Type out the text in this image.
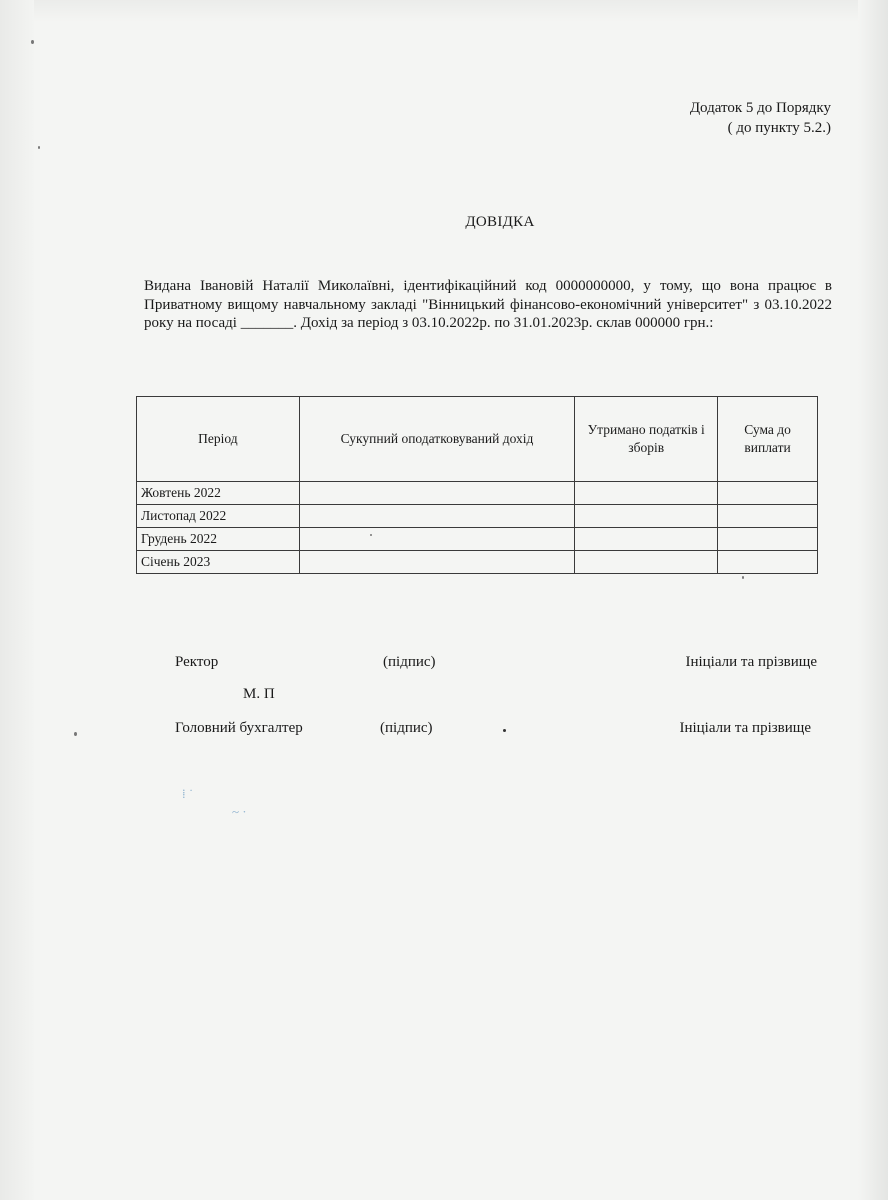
⁞ ˙
~ ·
Додаток 5 до Порядку
( до пункту 5.2.)
ДОВІДКА
Видана Івановій Наталії Миколаївні, ідентифікаційний код 0000000000, у тому, що вона працює в Приватному вищому навчальному закладі "Вінницький фінансово-економічний університет" з 03.10.2022 року на посаді _______. Дохід за період з 03.10.2022р. по 31.01.2023р. склав 000000 грн.:
Період	Сукупний оподатковуваний дохід	Утримано податків і зборів	Сума до виплати
Жовтень 2022			
Листопад 2022			
Грудень 2022			
Січень 2023			
Ректор	(підпис)	Ініціали та прізвище
М. П
Головний бухгалтер	(підпис)	Ініціали та прізвище
